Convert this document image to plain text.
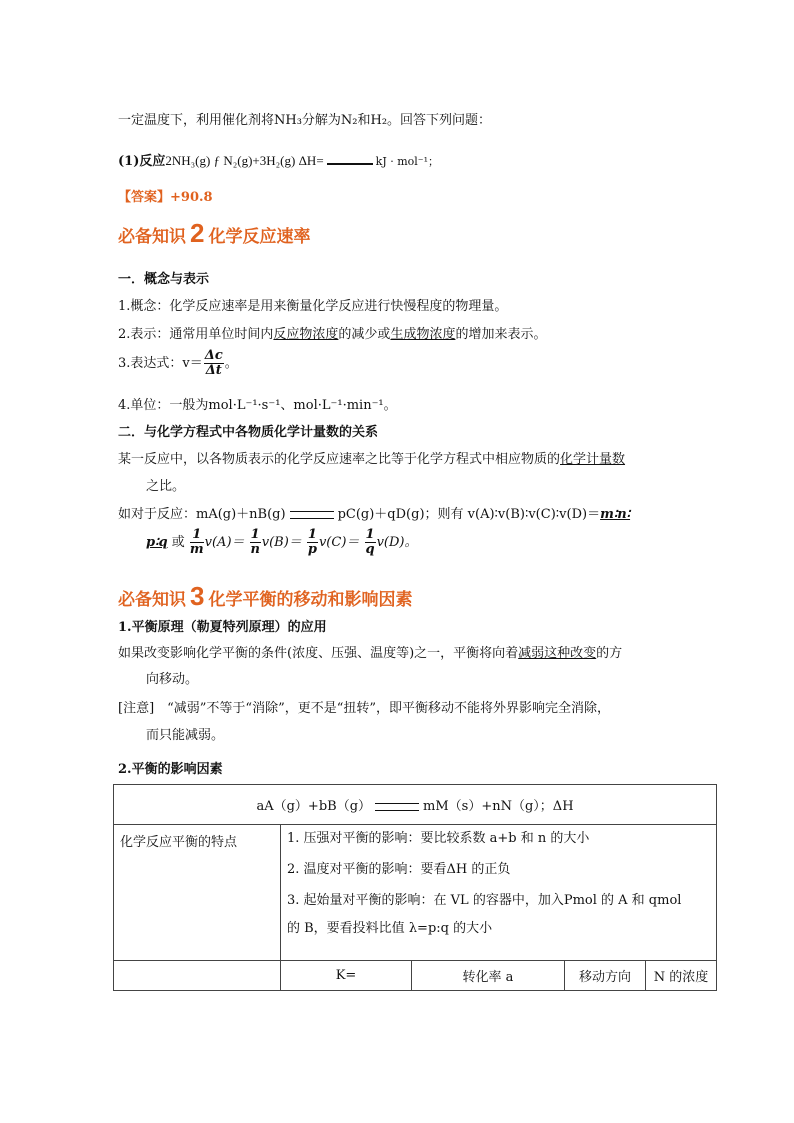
一定温度下，利用催化剂将NH₃分解为N₂和H₂。回答下列问题：
(1)反应2NH₃(g) ƒ N₂(g)+3H₂(g) ΔH=	kJ · mol⁻¹；
【答案】+90.8
必备知识 2 化学反应速率
一．概念与表示
1.概念：化学反应速率是用来衡量化学反应进行快慢程度的物理量。
2.表示：通常用单位时间内反应物浓度的减少或生成物浓度的增加来表示。
3.表达式：$v= \frac{\Delta c}{\Delta t}$ 。
4.单位：一般为mol·L⁻¹·s⁻¹、mol·L⁻¹·min⁻¹。
二．与化学方程式中各物质化学计量数的关系
某一反应中，以各物质表示的化学反应速率之比等于化学方程式中相应物质的化学计量数
之比。
如对于反应：mA(g)＋nB(g)	pC(g)＋qD(g)；则有 v(A)∶v(B)∶v(C)∶v(D)＝m∶n∶
p∶q 或 $\frac{1}{m} v(A)= \frac{1}{n} v(B)= \frac{1}{p} v(C)= \frac{1}{q} v(D)$。
必备知识 3 化学平衡的移动和影响因素
1.平衡原理（勒夏特列原理）的应用
如果改变影响化学平衡的条件(浓度、压强、温度等)之一，平衡将向着减弱这种改变的方
向移动。
[注意]　“减弱”不等于“消除”，更不是“扭转”，即平衡移动不能将外界影响完全消除，
而只能减弱。
2.平衡的影响因素
aA（g）+bB（g） mM（s）+nN（g）；ΔH				
化学反应平衡的特点	1. 压强对平衡的影响：要比较系数 a+b 和 n 的大小
2. 温度对平衡的影响：要看ΔH 的正负
3. 起始量对平衡的影响：在 VL 的容器中，加入Pmol 的 A 和 qmol
的 B，要看投料比值 λ=p:q 的大小			

	K=	转化率 a	移动方向	N 的浓度
